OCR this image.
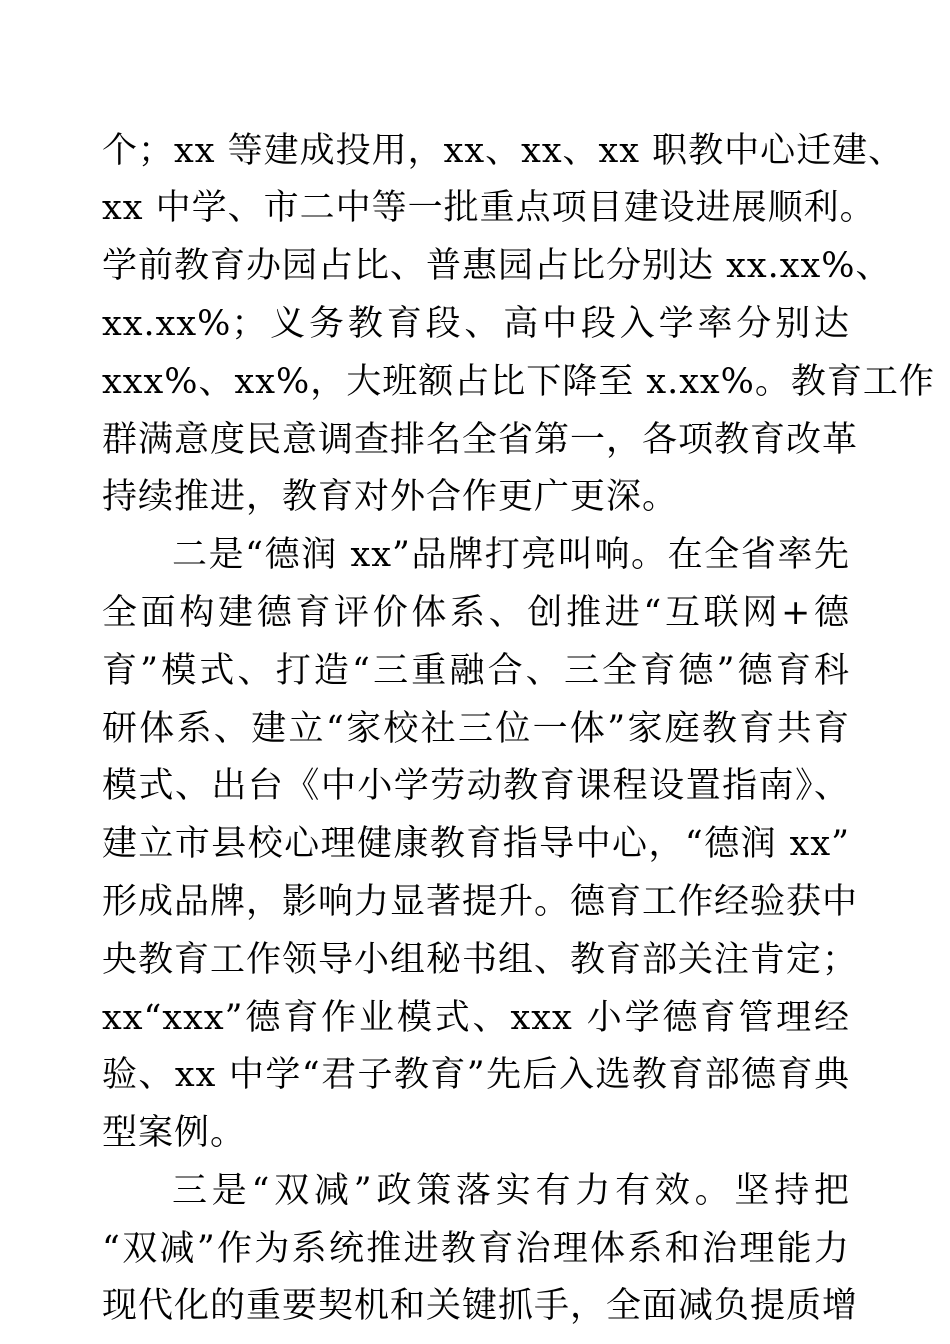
个；xx 等建成投用，xx、xx、xx 职教中心迁建、
xx 中学、市二中等一批重点项目建设进展顺利。
学前教育办园占比、普惠园占比分别达 xx.xx%、
xx.xx%；义务教育段、高中段入学率分别达
xxx%、xx%，大班额占比下降至 x.xx%。教育工作
群满意度民意调查排名全省第一，各项教育改革
持续推进，教育对外合作更广更深。
二是“德润 xx”品牌打亮叫响。在全省率先
全面构建德育评价体系、创推进“互联网+德
育”模式、打造“三重融合、三全育德”德育科
研体系、建立“家校社三位一体”家庭教育共育
模式、出台《中小学劳动教育课程设置指南》、
建立市县校心理健康教育指导中心，“德润 xx”
形成品牌，影响力显著提升。德育工作经验获中
央教育工作领导小组秘书组、教育部关注肯定；
xx“xxx”德育作业模式、xxx 小学德育管理经
验、xx 中学“君子教育”先后入选教育部德育典
型案例。
三是“双减”政策落实有力有效。坚持把
“双减”作为系统推进教育治理体系和治理能力
现代化的重要契机和关键抓手，全面减负提质增
